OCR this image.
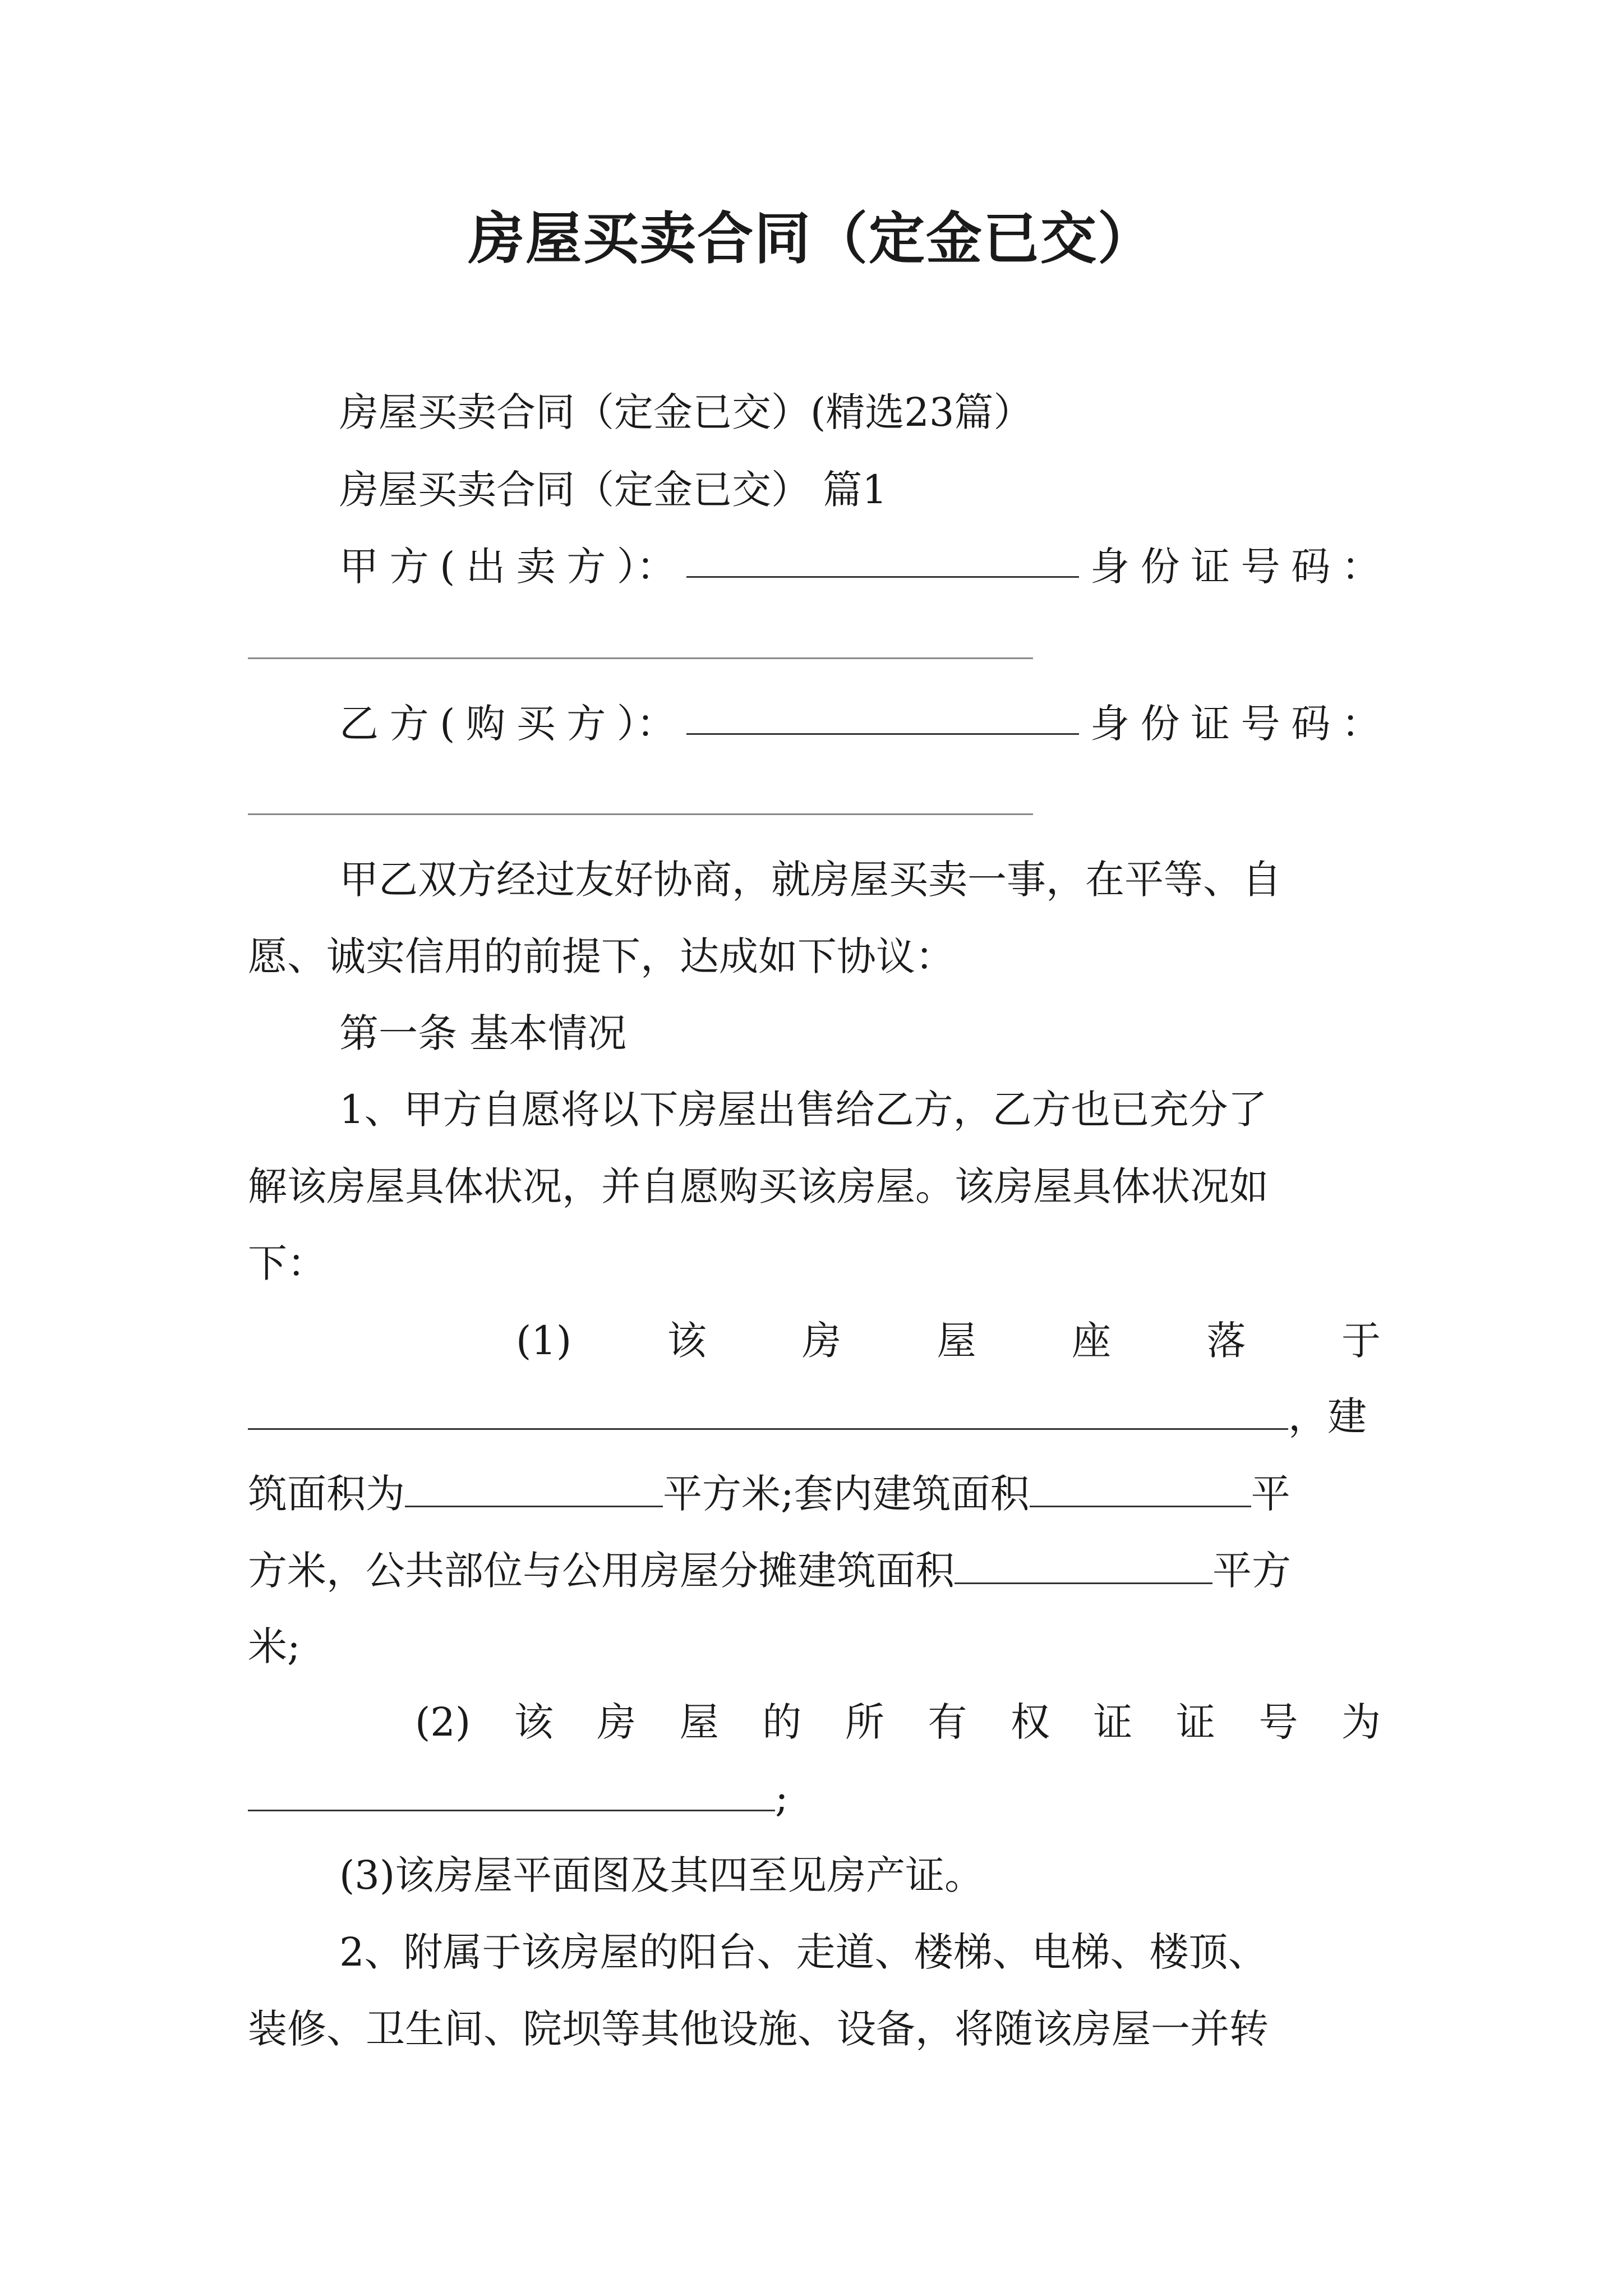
房屋买卖合同（定金已交）
房屋买卖合同（定金已交）(精选23篇）
房屋买卖合同（定金已交） 篇1
甲 方 ( 出 卖 方 ）：	身 份 证 号 码 ：
乙 方 ( 购 买 方 ）：	身 份 证 号 码 ：
甲乙双方经过友好协商，就房屋买卖一事，在平等、自
愿、诚实信用的前提下，达成如下协议：
第一条 基本情况
1、甲方自愿将以下房屋出售给乙方，乙方也已充分了
解该房屋具体状况，并自愿购买该房屋。该房屋具体状况如
下：
(1) 该 房 屋 座 落 于
，建
筑面积为	平方米;套内建筑面积	平
方米，公共部位与公用房屋分摊建筑面积	平方
米;
(2) 该 房 屋 的 所 有 权 证 证 号 为
;
(3)该房屋平面图及其四至见房产证。
2、附属于该房屋的阳台、走道、楼梯、电梯、楼顶、
装修、卫生间、院坝等其他设施、设备，将随该房屋一并转
